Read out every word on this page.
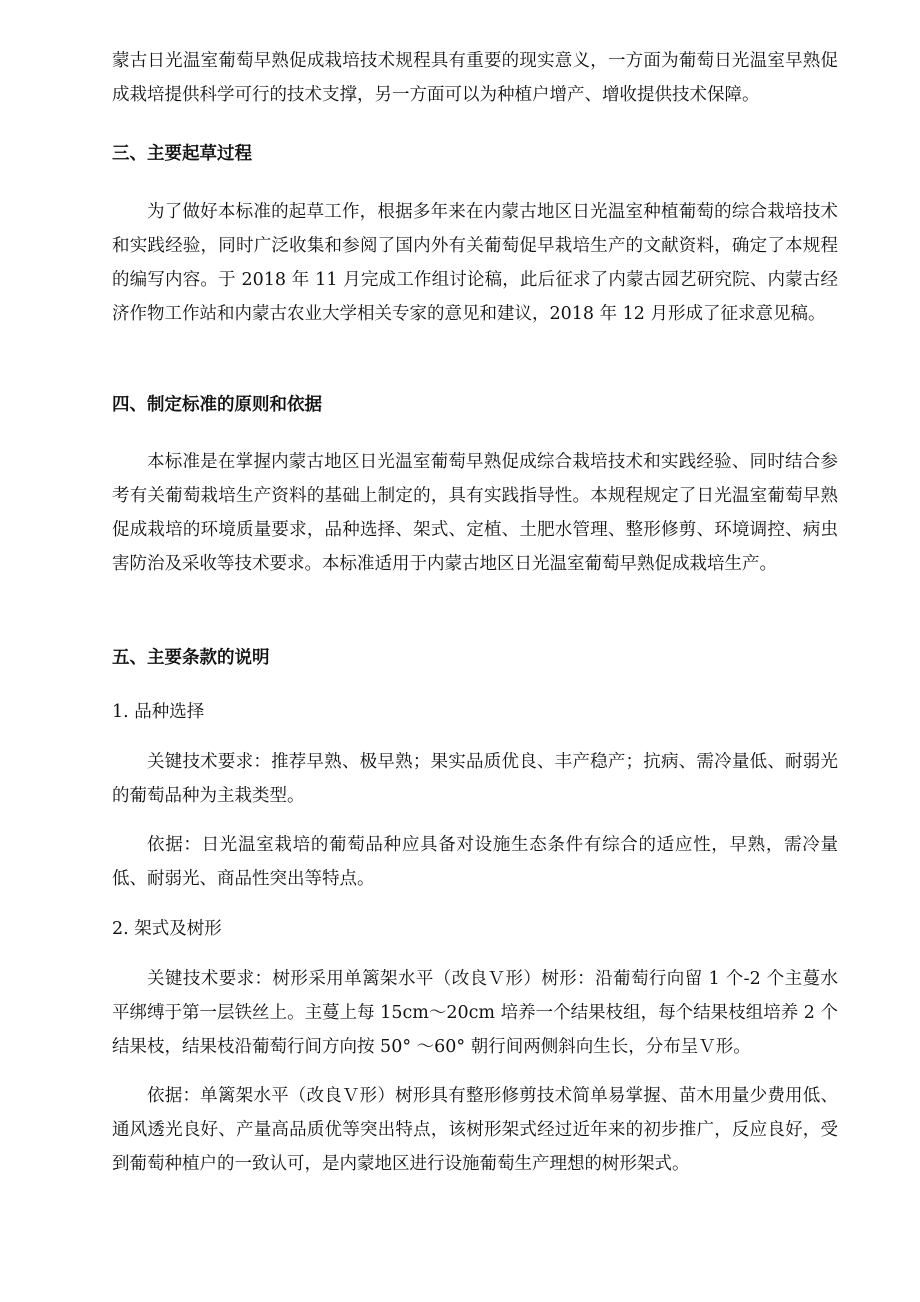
蒙古日光温室葡萄早熟促成栽培技术规程具有重要的现实意义，一方面为葡萄日光温室早熟促成栽培提供科学可行的技术支撑，另一方面可以为种植户增产、增收提供技术保障。

三、主要起草过程

为了做好本标准的起草工作，根据多年来在内蒙古地区日光温室种植葡萄的综合栽培技术和实践经验，同时广泛收集和参阅了国内外有关葡萄促早栽培生产的文献资料，确定了本规程的编写内容。于 2018 年 11 月完成工作组讨论稿，此后征求了内蒙古园艺研究院、内蒙古经济作物工作站和内蒙古农业大学相关专家的意见和建议，2018 年 12 月形成了征求意见稿。

四、制定标准的原则和依据

本标准是在掌握内蒙古地区日光温室葡萄早熟促成综合栽培技术和实践经验、同时结合参考有关葡萄栽培生产资料的基础上制定的，具有实践指导性。本规程规定了日光温室葡萄早熟促成栽培的环境质量要求，品种选择、架式、定植、土肥水管理、整形修剪、环境调控、病虫害防治及采收等技术要求。本标准适用于内蒙古地区日光温室葡萄早熟促成栽培生产。

五、主要条款的说明

1. 品种选择

关键技术要求：推荐早熟、极早熟；果实品质优良、丰产稳产；抗病、需冷量低、耐弱光的葡萄品种为主栽类型。

依据：日光温室栽培的葡萄品种应具备对设施生态条件有综合的适应性，早熟，需冷量低、耐弱光、商品性突出等特点。

2. 架式及树形

关键技术要求：树形采用单篱架水平（改良Ｖ形）树形：沿葡萄行向留 1 个-2 个主蔓水平绑缚于第一层铁丝上。主蔓上每 15cm～20cm 培养一个结果枝组，每个结果枝组培养 2 个结果枝，结果枝沿葡萄行间方向按 50° ～60° 朝行间两侧斜向生长，分布呈Ｖ形。

依据：单篱架水平（改良Ｖ形）树形具有整形修剪技术简单易掌握、苗木用量少费用低、通风透光良好、产量高品质优等突出特点，该树形架式经过近年来的初步推广，反应良好，受到葡萄种植户的一致认可，是内蒙地区进行设施葡萄生产理想的树形架式。
